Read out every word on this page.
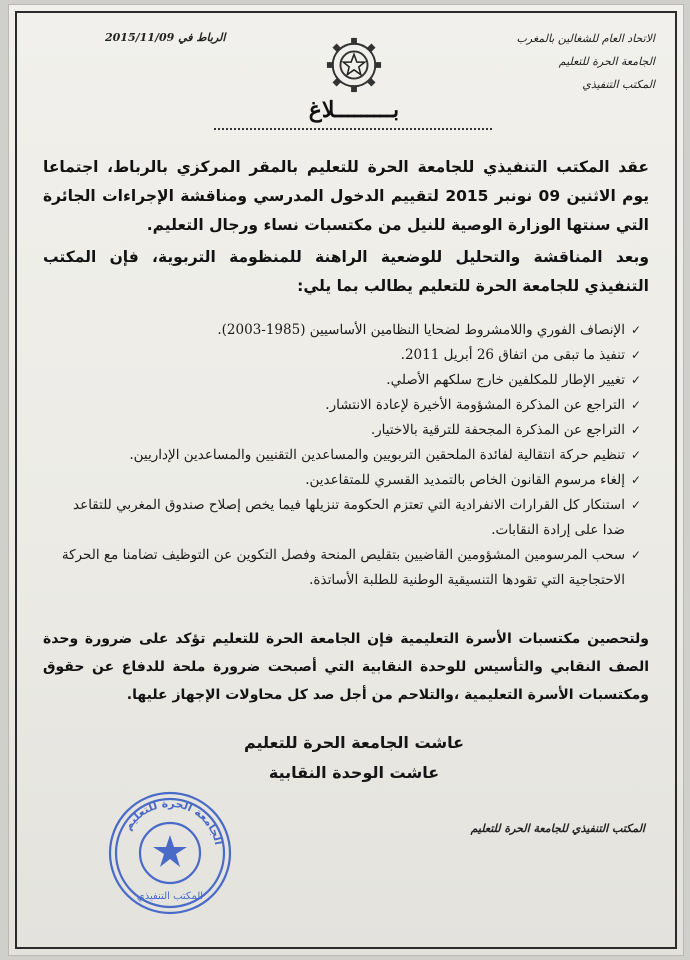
الاتحاد العام للشغالين بالمغرب
الجامعة الحرة للتعليم
المكتب التنفيذي
الرباط في 2015/11/09
بـــــــــلاغ
عقد المكتب التنفيذي للجامعة الحرة للتعليم بالمقر المركزي بالرباط، اجتماعا يوم الاثنين 09 نونبر 2015 لتقييم الدخول المدرسي ومناقشة الإجراءات الجائرة التي سنتها الوزارة الوصية للنيل من مكتسبات نساء ورجال التعليم.
وبعد المناقشة والتحليل للوضعية الراهنة للمنظومة التربوية، فإن المكتب التنفيذي للجامعة الحرة للتعليم يطالب بما يلي:
✓
الإنصاف الفوري واللامشروط لضحايا النظامين الأساسيين (1985-2003).
✓
تنفيذ ما تبقى من اتفاق 26 أبريل 2011.
✓
تغيير الإطار للمكلفين خارج سلكهم الأصلي.
✓
التراجع عن المذكرة المشؤومة الأخيرة لإعادة الانتشار.
✓
التراجع عن المذكرة المجحفة للترقية بالاختيار.
✓
تنظيم حركة انتقالية لفائدة الملحقين التربويين والمساعدين التقنيين والمساعدين الإداريين.
✓
إلغاء مرسوم القانون الخاص بالتمديد القسري للمتقاعدين.
✓
استنكار كل القرارات الانفرادية التي تعتزم الحكومة تنزيلها فيما يخص إصلاح صندوق المغربي للتقاعد ضدا على إرادة النقابات.
✓
سحب المرسومين المشؤومين القاضيين بتقليص المنحة وفصل التكوين عن التوظيف تضامنا مع الحركة الاحتجاجية التي تقودها التنسيقية الوطنية للطلبة الأساتذة.
ولتحصين مكتسبات الأسرة التعليمية فإن الجامعة الحرة للتعليم تؤكد على ضرورة وحدة الصف النقابي والتأسيس للوحدة النقابية التي أصبحت ضرورة ملحة للدفاع عن حقوق ومكتسبات الأسرة التعليمية ،والتلاحم من أجل صد كل محاولات الإجهاز عليها.
عاشت الجامعة الحرة للتعليم
عاشت الوحدة النقابية
المكتب التنفيذي للجامعة الحرة للتعليم
الجامعة الحرة للتعليم
المكتب التنفيذي
